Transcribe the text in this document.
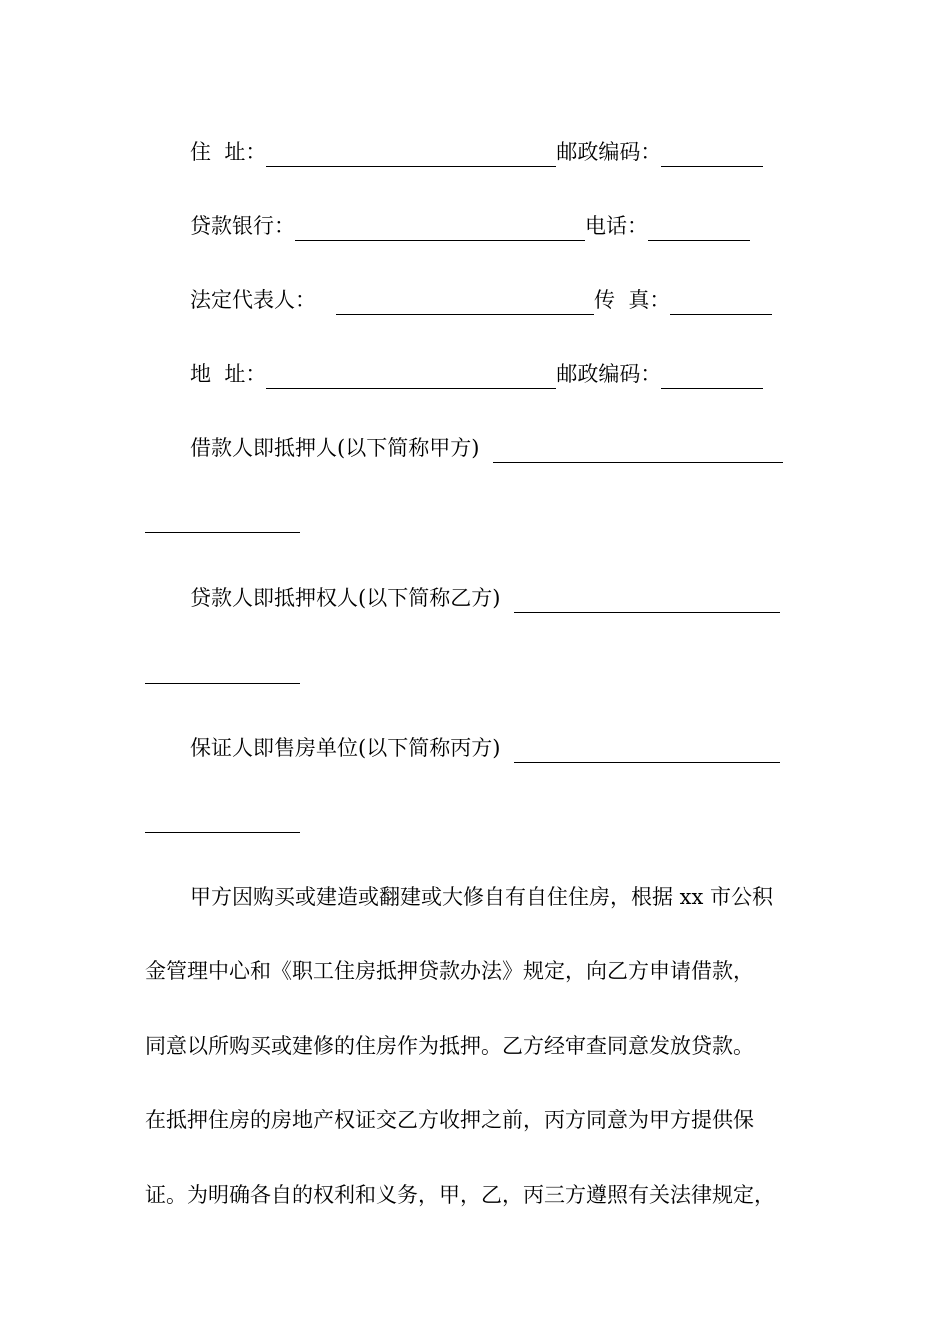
住  址：	邮政编码：
贷款银行：	电话：
法定代表人：	传  真：
地  址：	邮政编码：
借款人即抵押人(以下简称甲方)
贷款人即抵押权人(以下简称乙方)
保证人即售房单位(以下简称丙方)
甲方因购买或建造或翻建或大修自有自住住房，根据 xx 市公积
金管理中心和《职工住房抵押贷款办法》规定，向乙方申请借款，
同意以所购买或建修的住房作为抵押。乙方经审查同意发放贷款。
在抵押住房的房地产权证交乙方收押之前，丙方同意为甲方提供保
证。为明确各自的权利和义务，甲，乙，丙三方遵照有关法律规定，
